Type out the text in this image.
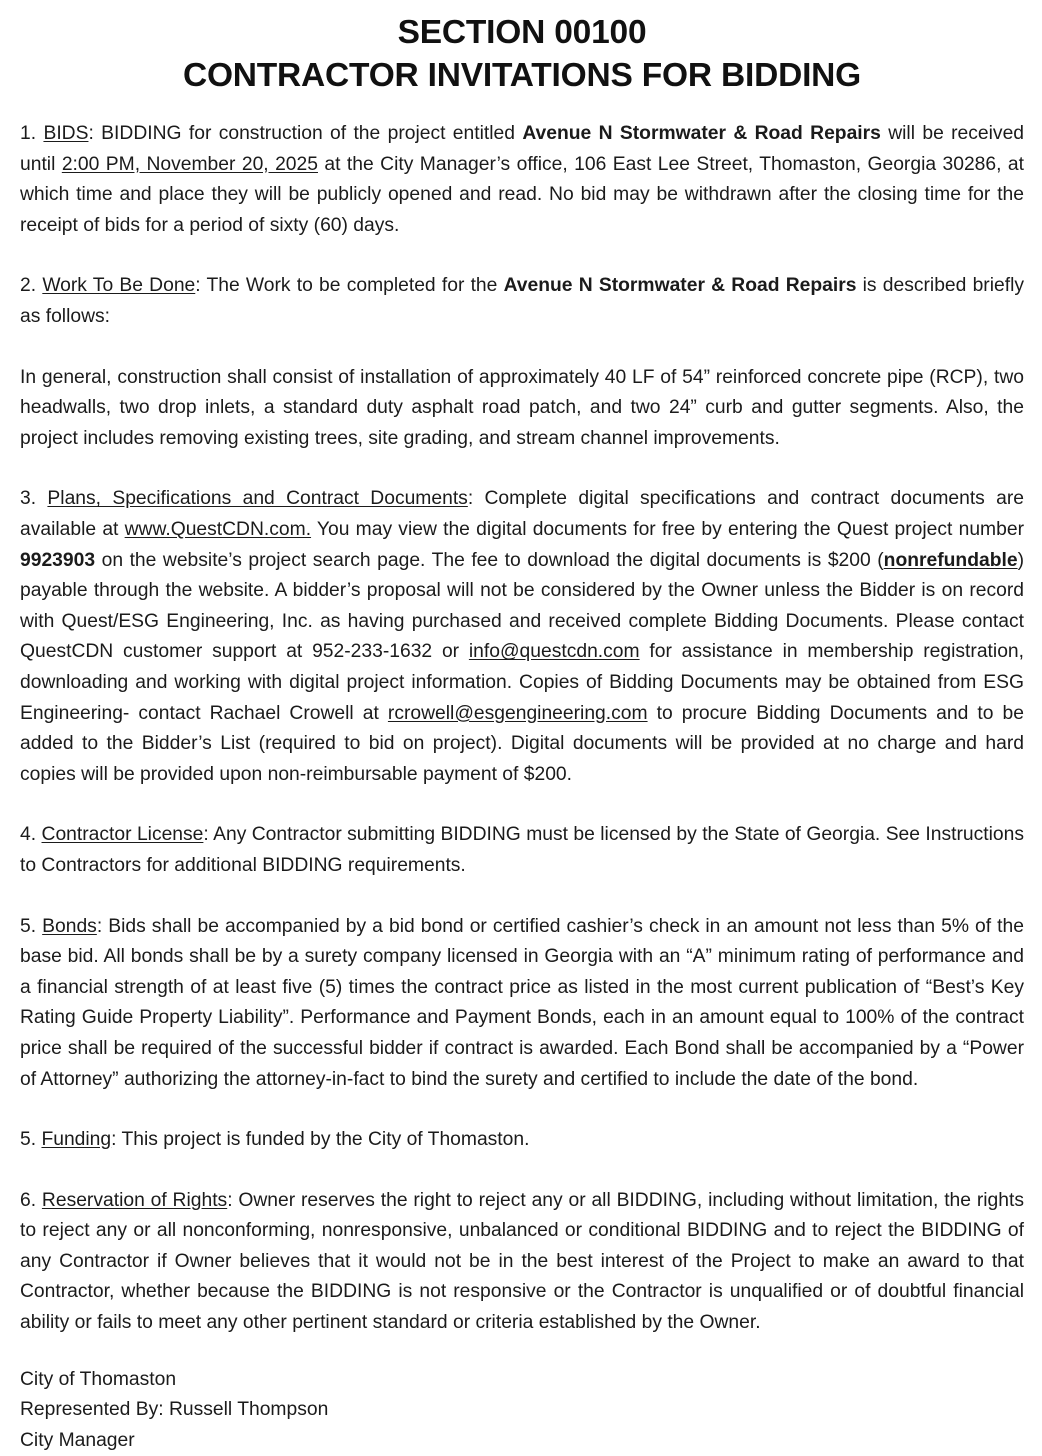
SECTION 00100
CONTRACTOR INVITATIONS FOR BIDDING

1. BIDS: BIDDING for construction of the project entitled Avenue N Stormwater & Road Repairs will be received until 2:00 PM, November 20, 2025 at the City Manager’s office, 106 East Lee Street, Thomaston, Georgia 30286, at which time and place they will be publicly opened and read. No bid may be withdrawn after the closing time for the receipt of bids for a period of sixty (60) days.

2. Work To Be Done: The Work to be completed for the Avenue N Stormwater & Road Repairs is described briefly as follows:

In general, construction shall consist of installation of approximately 40 LF of 54” reinforced concrete pipe (RCP), two headwalls, two drop inlets, a standard duty asphalt road patch, and two 24” curb and gutter segments. Also, the project includes removing existing trees, site grading, and stream channel improvements.

3. Plans, Specifications and Contract Documents: Complete digital specifications and contract documents are available at www.QuestCDN.com. You may view the digital documents for free by entering the Quest project number 9923903 on the website’s project search page. The fee to download the digital documents is $200 (nonrefundable) payable through the website. A bidder’s proposal will not be considered by the Owner unless the Bidder is on record with Quest/ESG Engineering, Inc. as having purchased and received complete Bidding Documents. Please contact QuestCDN customer support at 952-233-1632 or info@questcdn.com for assistance in membership registration, downloading and working with digital project information. Copies of Bidding Documents may be obtained from ESG Engineering- contact Rachael Crowell at rcrowell@esgengineering.com to procure Bidding Documents and to be added to the Bidder’s List (required to bid on project). Digital documents will be provided at no charge and hard copies will be provided upon non-reimbursable payment of $200.

4. Contractor License: Any Contractor submitting BIDDING must be licensed by the State of Georgia. See Instructions to Contractors for additional BIDDING requirements.

5. Bonds: Bids shall be accompanied by a bid bond or certified cashier’s check in an amount not less than 5% of the base bid. All bonds shall be by a surety company licensed in Georgia with an “A” minimum rating of performance and a financial strength of at least five (5) times the contract price as listed in the most current publication of “Best’s Key Rating Guide Property Liability”. Performance and Payment Bonds, each in an amount equal to 100% of the contract price shall be required of the successful bidder if contract is awarded. Each Bond shall be accompanied by a “Power of Attorney” authorizing the attorney-in-fact to bind the surety and certified to include the date of the bond.

5. Funding: This project is funded by the City of Thomaston.

6. Reservation of Rights: Owner reserves the right to reject any or all BIDDING, including without limitation, the rights to reject any or all nonconforming, nonresponsive, unbalanced or conditional BIDDING and to reject the BIDDING of any Contractor if Owner believes that it would not be in the best interest of the Project to make an award to that Contractor, whether because the BIDDING is not responsive or the Contractor is unqualified or of doubtful financial ability or fails to meet any other pertinent standard or criteria established by the Owner.

City of Thomaston
Represented By: Russell Thompson
City Manager
